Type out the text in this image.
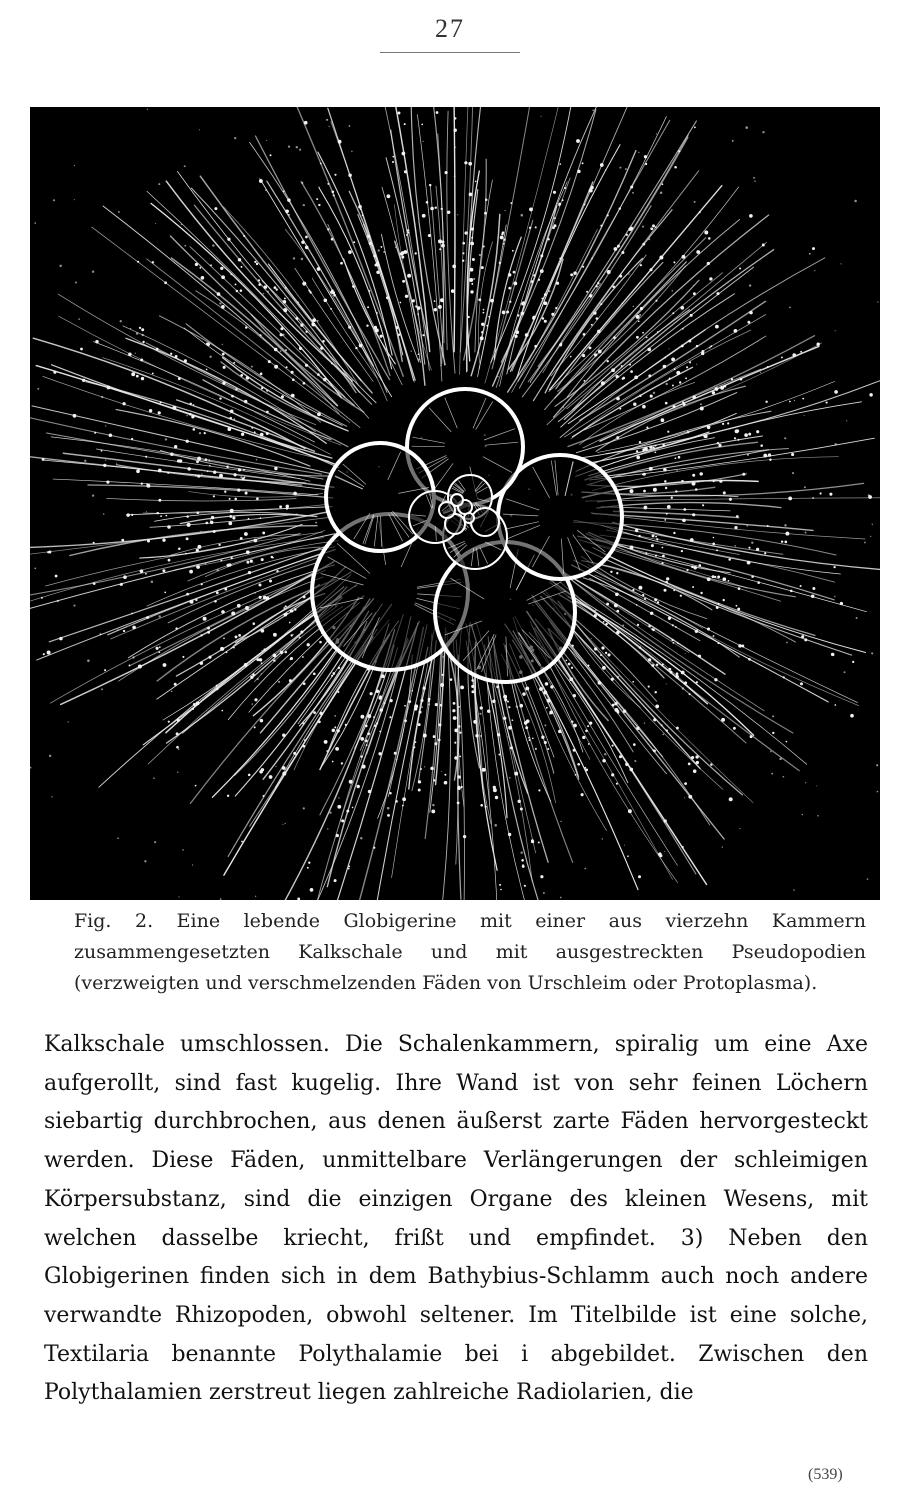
27

Fig. 2. Eine lebende Globigerine mit einer aus vierzehn Kammern zusammengesetzten Kalkschale und mit ausgestreckten Pseudopodien (verzweigten und verschmelzenden Fäden von Urschleim oder Protoplasma).

Kalkschale umschlossen. Die Schalenkammern, spiralig um eine Axe aufgerollt, sind fast kugelig. Ihre Wand ist von sehr feinen Löchern siebartig durchbrochen, aus denen äußerst zarte Fäden hervorgesteckt werden. Diese Fäden, unmittelbare Verlängerungen der schleimigen Körpersubstanz, sind die einzigen Organe des kleinen Wesens, mit welchen dasselbe kriecht, frißt und empfindet. 3) Neben den Globigerinen finden sich in dem Bathybius-Schlamm auch noch andere verwandte Rhizopoden, obwohl seltener. Im Titelbilde ist eine solche, Textilaria benannte Polythalamie bei i abgebildet. Zwischen den Polythalamien zerstreut liegen zahlreiche Radiolarien, die

(539)
